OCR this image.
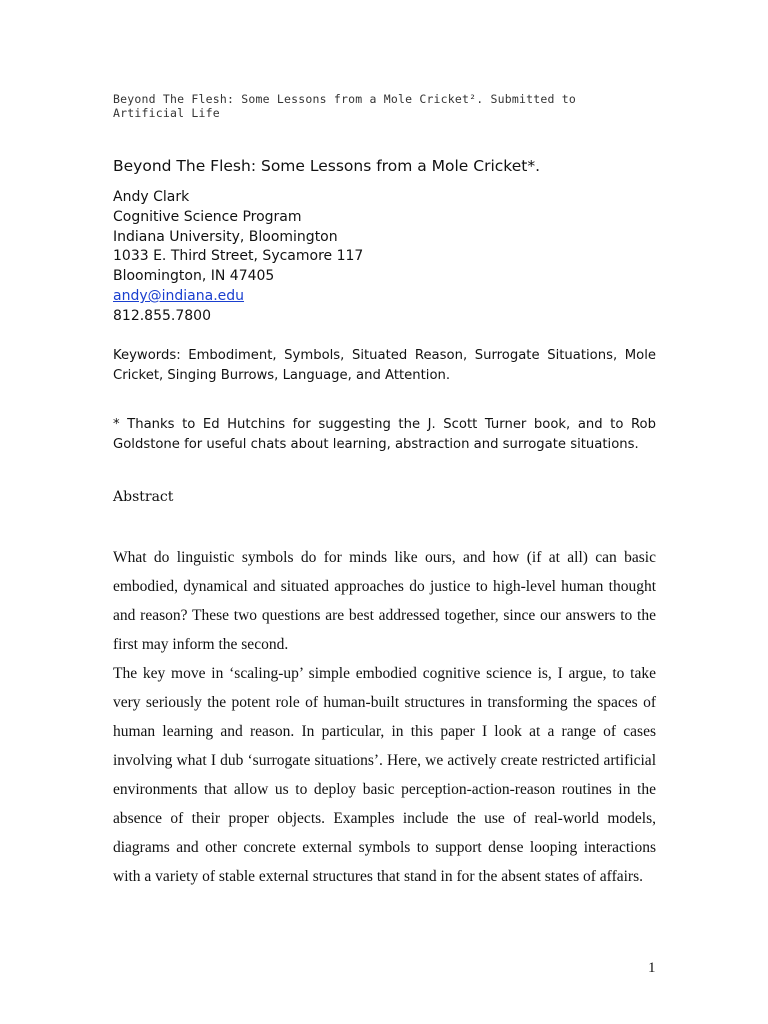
Beyond The Flesh: Some Lessons from a Mole Cricket². Submitted to Artificial Life
Beyond The Flesh: Some Lessons from a Mole Cricket*.
Andy Clark
Cognitive Science Program
Indiana University, Bloomington
1033 E. Third Street, Sycamore 117
Bloomington, IN 47405
andy@indiana.edu
812.855.7800
Keywords: Embodiment, Symbols, Situated Reason, Surrogate Situations, Mole Cricket, Singing Burrows, Language, and Attention.
* Thanks to Ed Hutchins for suggesting the J. Scott Turner book, and to Rob Goldstone for useful chats about learning, abstraction and surrogate situations.
Abstract

What do linguistic symbols do for minds like ours, and how (if at all) can basic embodied, dynamical and situated approaches do justice to high-level human thought and reason? These two questions are best addressed together, since our answers to the first may inform the second.

The key move in ‘scaling-up’ simple embodied cognitive science is, I argue, to take very seriously the potent role of human-built structures in transforming the spaces of human learning and reason. In particular, in this paper I look at a range of cases involving what I dub ‘surrogate situations’. Here, we actively create restricted artificial environments that allow us to deploy basic perception-action-reason routines in the absence of their proper objects. Examples include the use of real-world models, diagrams and other concrete external symbols to support dense looping interactions with a variety of stable external structures that stand in for the absent states of affairs.

1
